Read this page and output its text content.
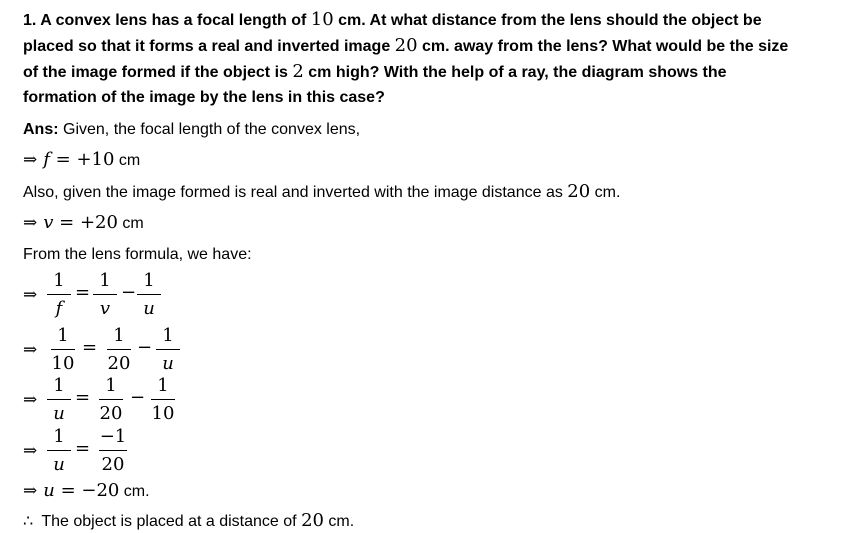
1. A convex lens has a focal length of 10 cm. At what distance from the lens should the object be
placed so that it forms a real and inverted image 20 cm. away from the lens? What would be the size
of the image formed if the object is 2 cm high? With the help of a ray, the diagram shows the
formation of the image by the lens in this case?
Ans: Given, the focal length of the convex lens,
⇒ f = +10 cm
Also, given the image formed is real and inverted with the image distance as 20 cm.
⇒ v = +20 cm
From the lens formula, we have:
⇒
1
f
=
1
v
−
1
u
⇒
1
10
=
1
20
−
1
u
⇒
1
u
=
1
20
−
1
10
⇒
1
u
=
−1
20
⇒ u = −20 cm.
∴ The object is placed at a distance of 20 cm.
